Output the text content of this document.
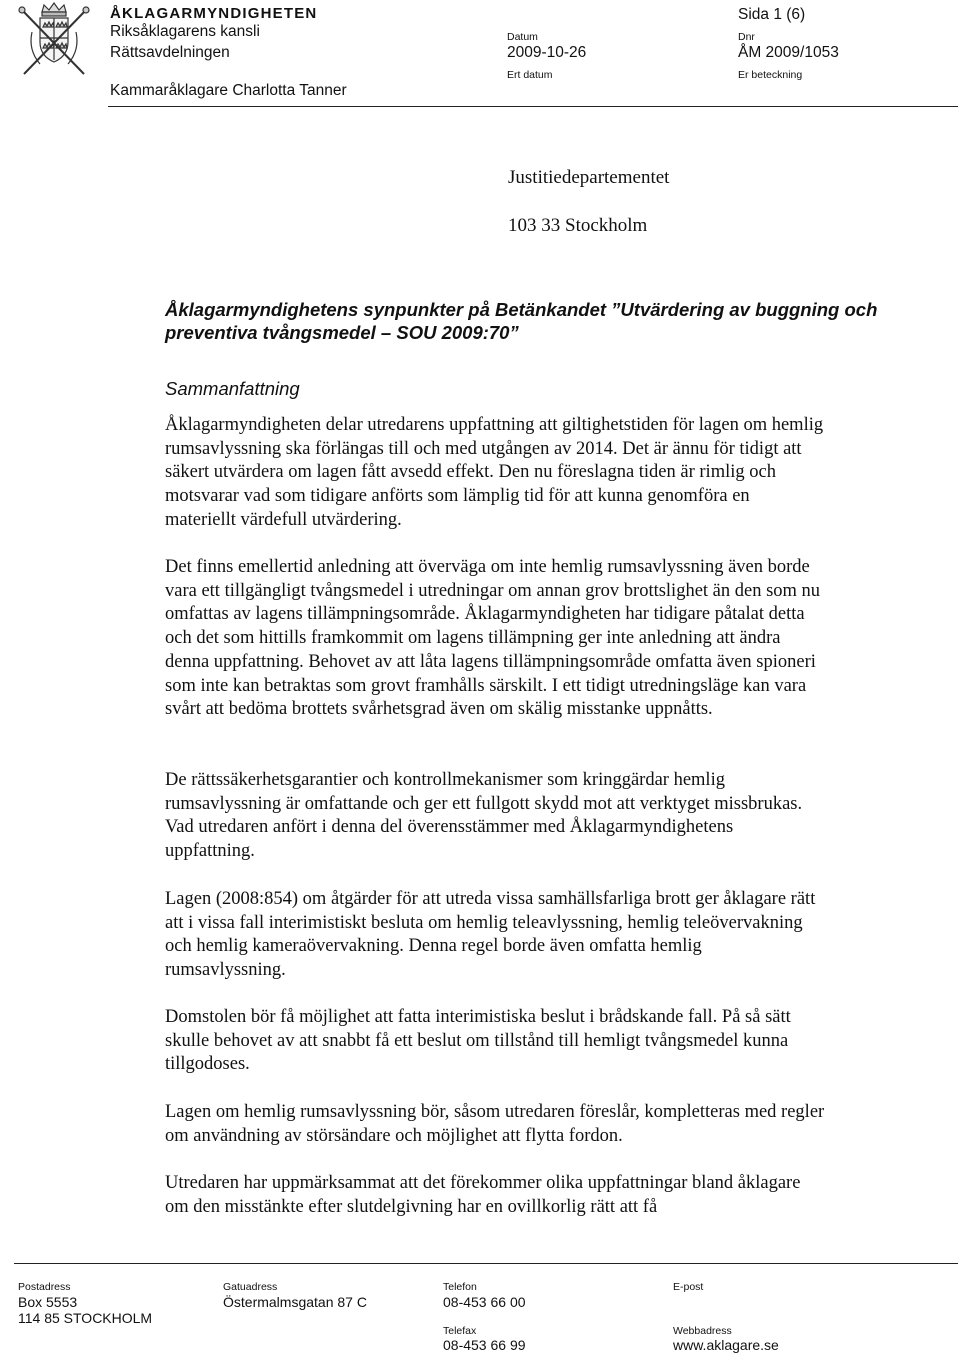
ÅKLAGARMYNDIGHETEN
Riksåklagarens kansli
Rättsavdelningen
Kammaråklagare Charlotta Tanner
Datum
2009-10-26
Ert datum
Sida 1 (6)
Dnr
ÅM 2009/1053
Er beteckning
Justitiedepartementet
103 33 Stockholm
Åklagarmyndighetens synpunkter på Betänkandet ”Utvärdering av buggning och preventiva tvångsmedel – SOU 2009:70”
Sammanfattning

Åklagarmyndigheten delar utredarens uppfattning att giltighetstiden för lagen om hemlig rumsavlyssning ska förlängas till och med utgången av 2014. Det är ännu för tidigt att säkert utvärdera om lagen fått avsedd effekt. Den nu föreslagna tiden är rimlig och motsvarar vad som tidigare anförts som lämplig tid för att kunna genomföra en materiellt värdefull utvärdering.

Det finns emellertid anledning att överväga om inte hemlig rumsavlyssning även borde vara ett tillgängligt tvångsmedel i utredningar om annan grov brottslighet än den som nu omfattas av lagens tillämpningsområde. Åklagarmyndigheten har tidigare påtalat detta och det som hittills framkommit om lagens tillämpning ger inte anledning att ändra denna uppfattning. Behovet av att låta lagens tillämpningsområde omfatta även spioneri som inte kan betraktas som grovt framhålls särskilt. I ett tidigt utredningsläge kan vara svårt att bedöma brottets svårhetsgrad även om skälig misstanke uppnåtts.

De rättssäkerhetsgarantier och kontrollmekanismer som kringgärdar hemlig rumsavlyssning är omfattande och ger ett fullgott skydd mot att verktyget missbrukas. Vad utredaren anfört i denna del överensstämmer med Åklagarmyndighetens uppfattning.

Lagen (2008:854) om åtgärder för att utreda vissa samhällsfarliga brott ger åklagare rätt att i vissa fall interimistiskt besluta om hemlig teleavlyssning, hemlig teleövervakning och hemlig kameraövervakning. Denna regel borde även omfatta hemlig rumsavlyssning.

Domstolen bör få möjlighet att fatta interimistiska beslut i brådskande fall. På så sätt skulle behovet av att snabbt få ett beslut om tillstånd till hemligt tvångsmedel kunna tillgodoses.

Lagen om hemlig rumsavlyssning bör, såsom utredaren föreslår, kompletteras med regler om användning av störsändare och möjlighet att flytta fordon.

Utredaren har uppmärksammat att det förekommer olika uppfattningar bland åklagare om den misstänkte efter slutdelgivning har en ovillkorlig rätt att få

Postadress
Box 5553
114 85 STOCKHOLM
Gatuadress
Östermalmsgatan 87 C
Telefon
08-453 66 00
Telefax
08-453 66 99
E-post
Webbadress
www.aklagare.se
